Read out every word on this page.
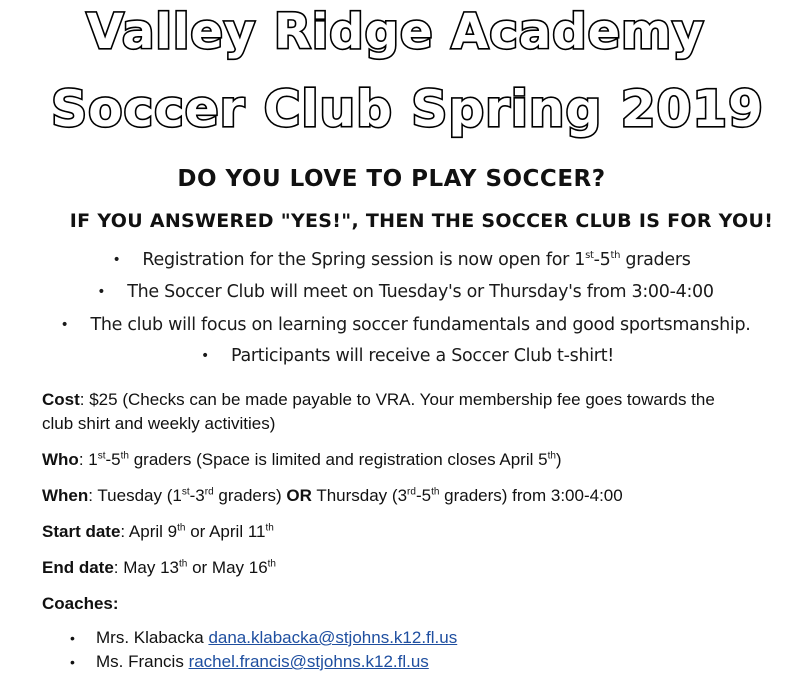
Valley Ridge Academy
Soccer Club Spring 2019
DO YOU LOVE TO PLAY SOCCER?
IF YOU ANSWERED "YES!", THEN THE SOCCER CLUB IS FOR YOU!
• Registration for the Spring session is now open for 1st-5th graders
• The Soccer Club will meet on Tuesday's or Thursday's from 3:00-4:00
• The club will focus on learning soccer fundamentals and good sportsmanship.
• Participants will receive a Soccer Club t-shirt!
Cost: $25 (Checks can be made payable to VRA. Your membership fee goes towards the club shirt and weekly activities)
Who: 1st-5th graders (Space is limited and registration closes April 5th)
When: Tuesday (1st-3rd graders) OR Thursday (3rd-5th graders) from 3:00-4:00
Start date: April 9th or April 11th
End date: May 13th or May 16th
Coaches:
• Mrs. Klabacka dana.klabacka@stjohns.k12.fl.us
• Ms. Francis rachel.francis@stjohns.k12.fl.us
